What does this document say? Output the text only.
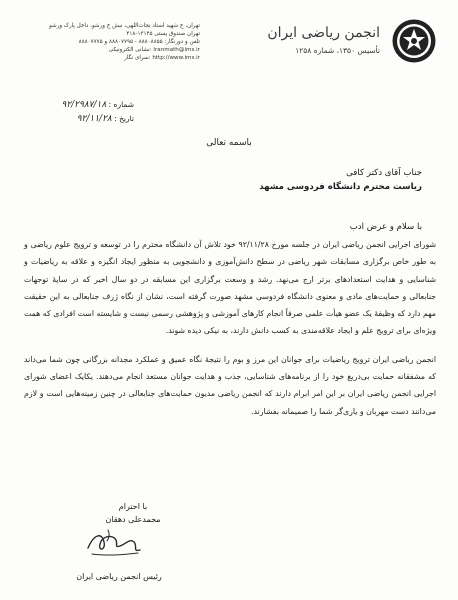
انجمن ریاضی ایران
تأسیس ۱۳۵۰، شماره ۱۲۵۸
تهران، خ شهید استاد نجات‌اللهی، نبش خ ورشو، داخل پارک ورشو
تهران صندوق پستی ۱۳۱۴۵-۴۱۸
تلفن و دورنگار: ۸۸۸۰۸۸۵۵ - ۸۸۸۰۷۷۹۵ و ۸۸۸۰۷۷۷۵
نشانی الکترونیکی: iranmath@ims.ir
سرای نگار: http://www.ims.ir
شماره : ۹۲/۲۹۸۷/۱۸
تاریخ : ۹۲/۱۱/۲۸
باسمه تعالی
جناب آقای دکتر کافی
ریاست محترم دانشگاه فردوسی مشهد
با سلام و عرض ادب

شورای اجرایی انجمن ریاضی ایران در جلسه مورخ ۹۲/۱۱/۲۸ خود تلاش آن دانشگاه محترم را در توسعه و ترویج علوم ریاضی و به طور خاص برگزاری مسابقات شهر ریاضی در سطح دانش‌آموزی و دانشجویی به منظور ایجاد انگیزه و علاقه به ریاضیات و شناسایی و هدایت استعدادهای برتر ارج می‌نهد. رشد و وسعت برگزاری این مسابقه در دو سال اخیر که در سایهٔ توجهات جنابعالی و حمایت‌های مادی و معنوی دانشگاه فردوسی مشهد صورت گرفته است، نشان از نگاه ژرف جنابعالی به این حقیقت مهم دارد که وظیفهٔ یک عضو هیأت علمی صرفاً انجام کارهای آموزشی و پژوهشی رسمی نیست و شایسته است افرادی که همت ویژه‌ای برای ترویج علم و ایجاد علاقه‌مندی به کسب دانش دارند، به نیکی دیده شوند.

انجمن ریاضی ایران ترویج ریاضیات برای جوانان این مرز و بوم را نتیجهٔ نگاه عمیق و عملکرد مجدانه بزرگانی چون شما می‌داند که مشفقانه حمایت بی‌دریغ خود را از برنامه‌های شناسایی، جذب و هدایت جوانان مستعد انجام می‌دهند. یکایک اعضای شورای اجرایی انجمن ریاضی ایران بر این امر ابرام دارند که انجمن ریاضی مدیون حمایت‌های جنابعالی در چنین زمینه‌هایی است و لازم می‌دانند دست مهربان و یاری‌گر شما را صمیمانه بفشارند.

با احترام
محمدعلی دهقان
رئیس انجمن ریاضی ایران
